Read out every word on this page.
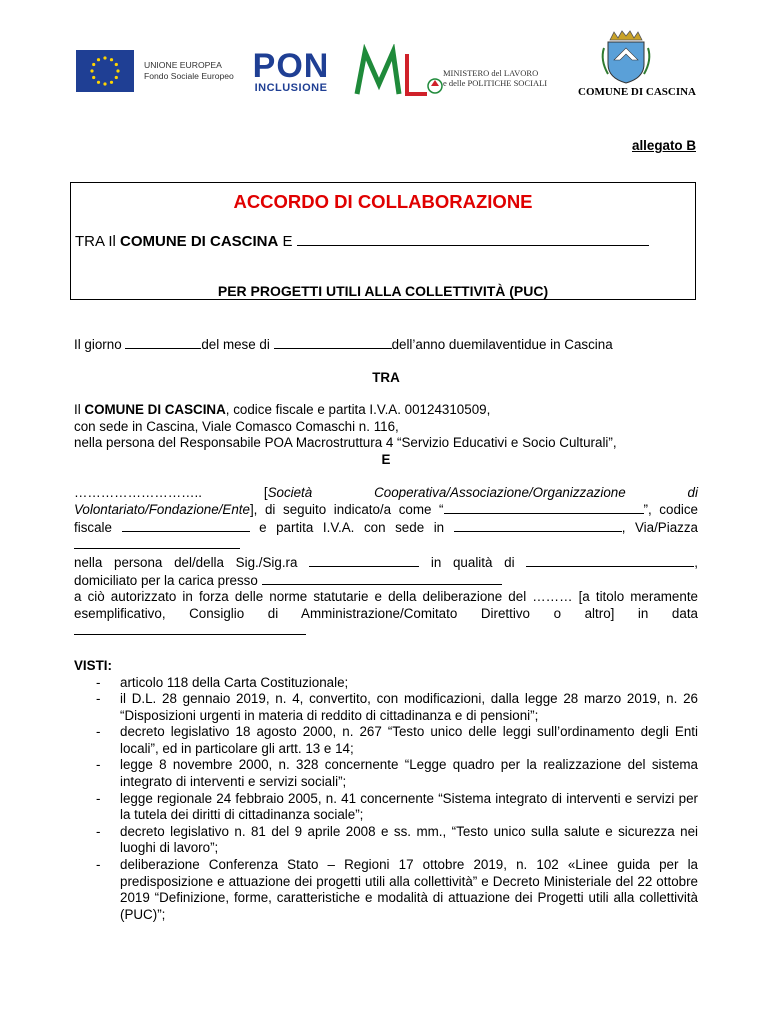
UNIONE EUROPEA
Fondo Sociale Europeo PON
INCLUSIONE
MINISTERO del LAVORO
e delle POLITICHE SOCIALI
COMUNE DI CASCINA
allegato B
ACCORDO DI COLLABORAZIONE
TRA Il COMUNE DI CASCINA E
PER PROGETTI UTILI ALLA COLLETTIVITÀ (PUC)

Il giorno	del mese di	dell’anno duemilaventidue in Cascina

TRA

Il COMUNE DI CASCINA, codice fiscale e partita I.V.A. 00124310509,
con sede in Cascina, Viale Comasco Comaschi n. 116,
nella persona del Responsabile POA Macrostruttura 4 “Servizio Educativi e Socio Culturali”,

E

……………………….. [Società Cooperativa/Associazione/Organizzazione di Volontariato/Fondazione/Ente], di seguito indicato/a come “	”, codice fiscale	e partita I.V.A. con sede in	, Via/Piazza

nella persona del/della Sig./Sig.ra	in qualità di	, domiciliato per la carica presso

a ciò autorizzato in forza delle norme statutarie e della deliberazione del ……… [a titolo meramente esemplificativo, Consiglio di Amministrazione/Comitato Direttivo o altro] in data

VISTI:

- articolo 118 della Carta Costituzionale;
- il D.L. 28 gennaio 2019, n. 4, convertito, con modificazioni, dalla legge 28 marzo 2019, n. 26 “Disposizioni urgenti in materia di reddito di cittadinanza e di pensioni”;
- decreto legislativo 18 agosto 2000, n. 267 “Testo unico delle leggi sull’ordinamento degli Enti locali”, ed in particolare gli artt. 13 e 14;
- legge 8 novembre 2000, n. 328 concernente “Legge quadro per la realizzazione del sistema integrato di interventi e servizi sociali”;
- legge regionale 24 febbraio 2005, n. 41 concernente “Sistema integrato di interventi e servizi per la tutela dei diritti di cittadinanza sociale”;
- decreto legislativo n. 81 del 9 aprile 2008 e ss. mm., “Testo unico sulla salute e sicurezza nei luoghi di lavoro”;
- deliberazione Conferenza Stato – Regioni 17 ottobre 2019, n. 102 «Linee guida per la predisposizione e attuazione dei progetti utili alla collettività” e Decreto Ministeriale del 22 ottobre 2019 “Definizione, forme, caratteristiche e modalità di attuazione dei Progetti utili alla collettività (PUC)”;
